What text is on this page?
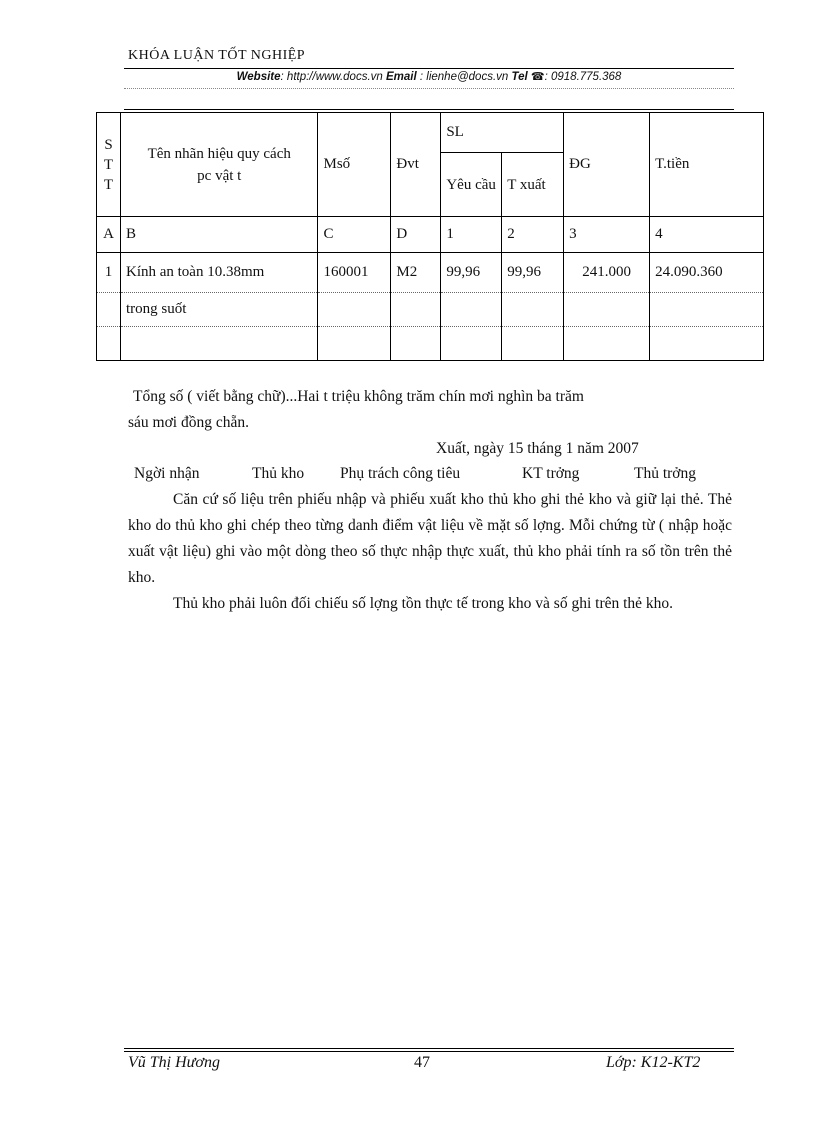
KHÓA LUẬN TỐT NGHIỆP
Website: http://www.docs.vn Email : lienhe@docs.vn Tel ☎: 0918.775.368
S
T
T	Tên nhãn hiệu quy cách pc vật t	Msố	Đvt	SL		ĐG	T.tiền
				Yêu cầu	T xuất		
A	B	C	D	1	2	3	4
1	Kính an toàn 10.38mm	160001	M2	99,96	99,96	241.000	24.090.360
	trong suốt						

Tổng số ( viết bằng chữ)...Hai t triệu không trăm chín mơi nghìn ba trăm
sáu mơi đồng chẵn.
Xuất, ngày 15 tháng 1 năm 2007
Ngời nhận	Thủ kho Phụ trách công tiêu	KT trởng	Thủ trởng
Căn cứ số liệu trên phiếu nhập và phiếu xuất kho thủ kho ghi thẻ kho và giữ lại thẻ. Thẻ kho do thủ kho ghi chép theo từng danh điểm vật liệu về mặt số lợng. Mỗi chứng từ ( nhập hoặc xuất vật liệu) ghi vào một dòng theo số thực nhập thực xuất, thủ kho phải tính ra số tồn trên thẻ kho.
Thủ kho phải luôn đối chiếu số lợng tồn thực tế trong kho và số ghi trên thẻ kho.
Vũ Thị Hương	47	Lớp: K12-KT2
